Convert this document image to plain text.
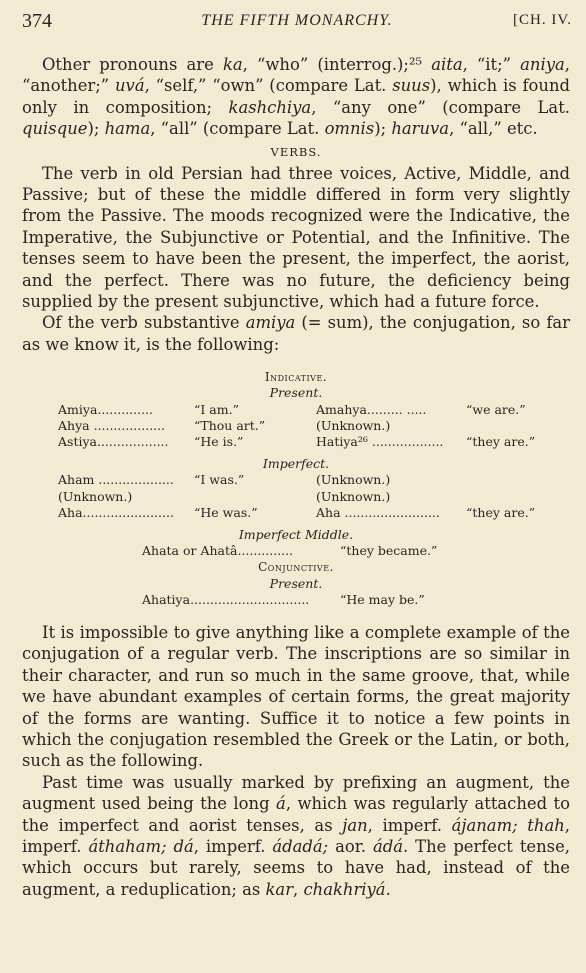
374	THE FIFTH MONARCHY.	[CH. IV.

Other pronouns are ka, “who” (interrog.);²⁵ aita, “it;” aniya, “another;” uvá, “self,” “own” (compare Lat. suus), which is found only in composition; kashchiya, “any one” (compare Lat. quisque); hama, “all” (compare Lat. omnis); haruva, “all,” etc.

VERBS.

The verb in old Persian had three voices, Active, Middle, and Passive; but of these the middle differed in form very slightly from the Passive. The moods recognized were the Indicative, the Imperative, the Subjunctive or Potential, and the Infinitive. The tenses seem to have been the present, the imperfect, the aorist, and the perfect. There was no future, the deficiency being supplied by the present subjunctive, which had a future force.

Of the verb substantive amiya (= sum), the conjugation, so far as we know it, is the following:

Indicative.
Present.
Amiya..............	“I am.”	Amahya......... .....	“we are.”
Ahya .................. “Thou art.”	(Unknown.)
Astiya.................. “He is.”	Hatiya²⁶ .................. “they are.”
Imperfect.
Aham ................... “I was.”	(Unknown.)
(Unknown.)	(Unknown.)
Aha....................... “He was.”	Aha ........................ “they are.”
Imperfect Middle.
Ahata or Ahatâ..............	“they became.”
Conjunctive.
Present.
Ahatiya.............................. “He may be.”

It is impossible to give anything like a complete example of the conjugation of a regular verb. The inscriptions are so similar in their character, and run so much in the same groove, that, while we have abundant examples of certain forms, the great majority of the forms are wanting. Suffice it to notice a few points in which the conjugation resembled the Greek or the Latin, or both, such as the following.

Past time was usually marked by prefixing an augment, the augment used being the long á, which was regularly attached to the imperfect and aorist tenses, as jan, imperf. ájanam; thah, imperf. áthaham; dá, imperf. ádadá; aor. ádá. The perfect tense, which occurs but rarely, seems to have had, instead of the augment, a reduplication; as kar, chakhriyá.
